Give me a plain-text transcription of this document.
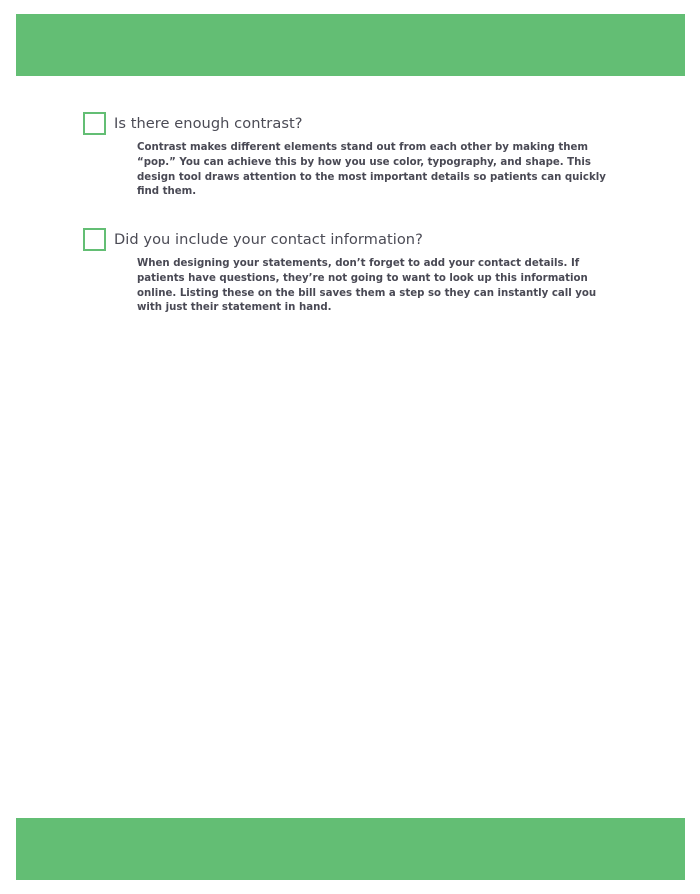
Is there enough contrast?
Contrast makes different elements stand out from each other by making them “pop.” You can achieve this by how you use color, typography, and shape. This design tool draws attention to the most important details so patients can quickly find them.
Did you include your contact information?
When designing your statements, don’t forget to add your contact details. If patients have questions, they’re not going to want to look up this information online. Listing these on the bill saves them a step so they can instantly call you with just their statement in hand.
